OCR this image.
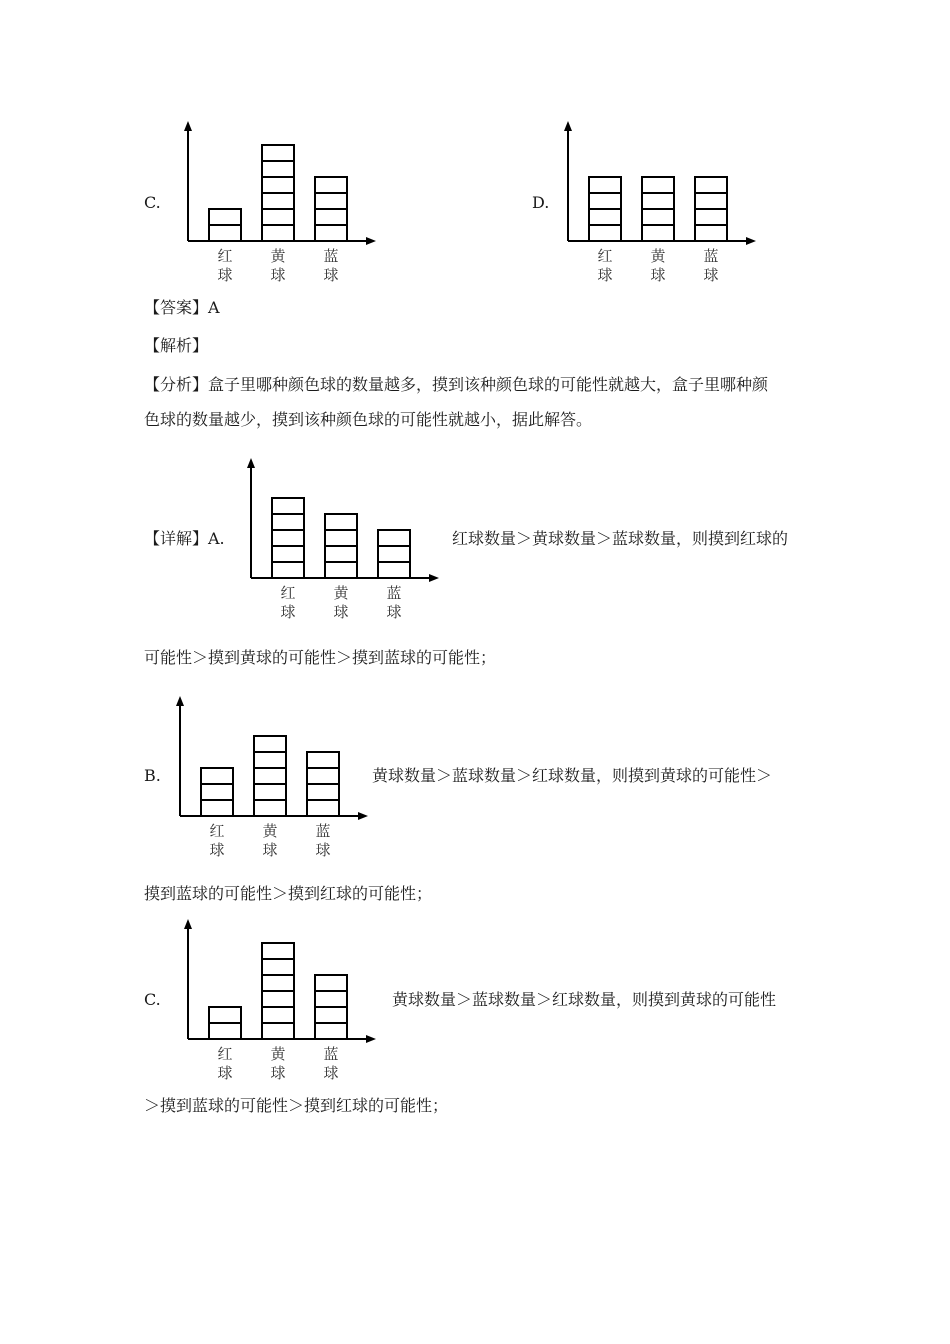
C.
红
球
黄
球
蓝
球
D.
红
球
黄
球
蓝
球
【答案】A
【解析】
【分析】盒子里哪种颜色球的数量越多，摸到该种颜色球的可能性就越大，盒子里哪种颜
色球的数量越少，摸到该种颜色球的可能性就越小，据此解答。
【详解】A.
红
球
黄
球
蓝
球
红球数量＞黄球数量＞蓝球数量，则摸到红球的
可能性＞摸到黄球的可能性＞摸到蓝球的可能性；
B.
红
球
黄
球
蓝
球
黄球数量＞蓝球数量＞红球数量，则摸到黄球的可能性＞
摸到蓝球的可能性＞摸到红球的可能性；
C.
红
球
黄
球
蓝
球
黄球数量＞蓝球数量＞红球数量，则摸到黄球的可能性
＞摸到蓝球的可能性＞摸到红球的可能性；
